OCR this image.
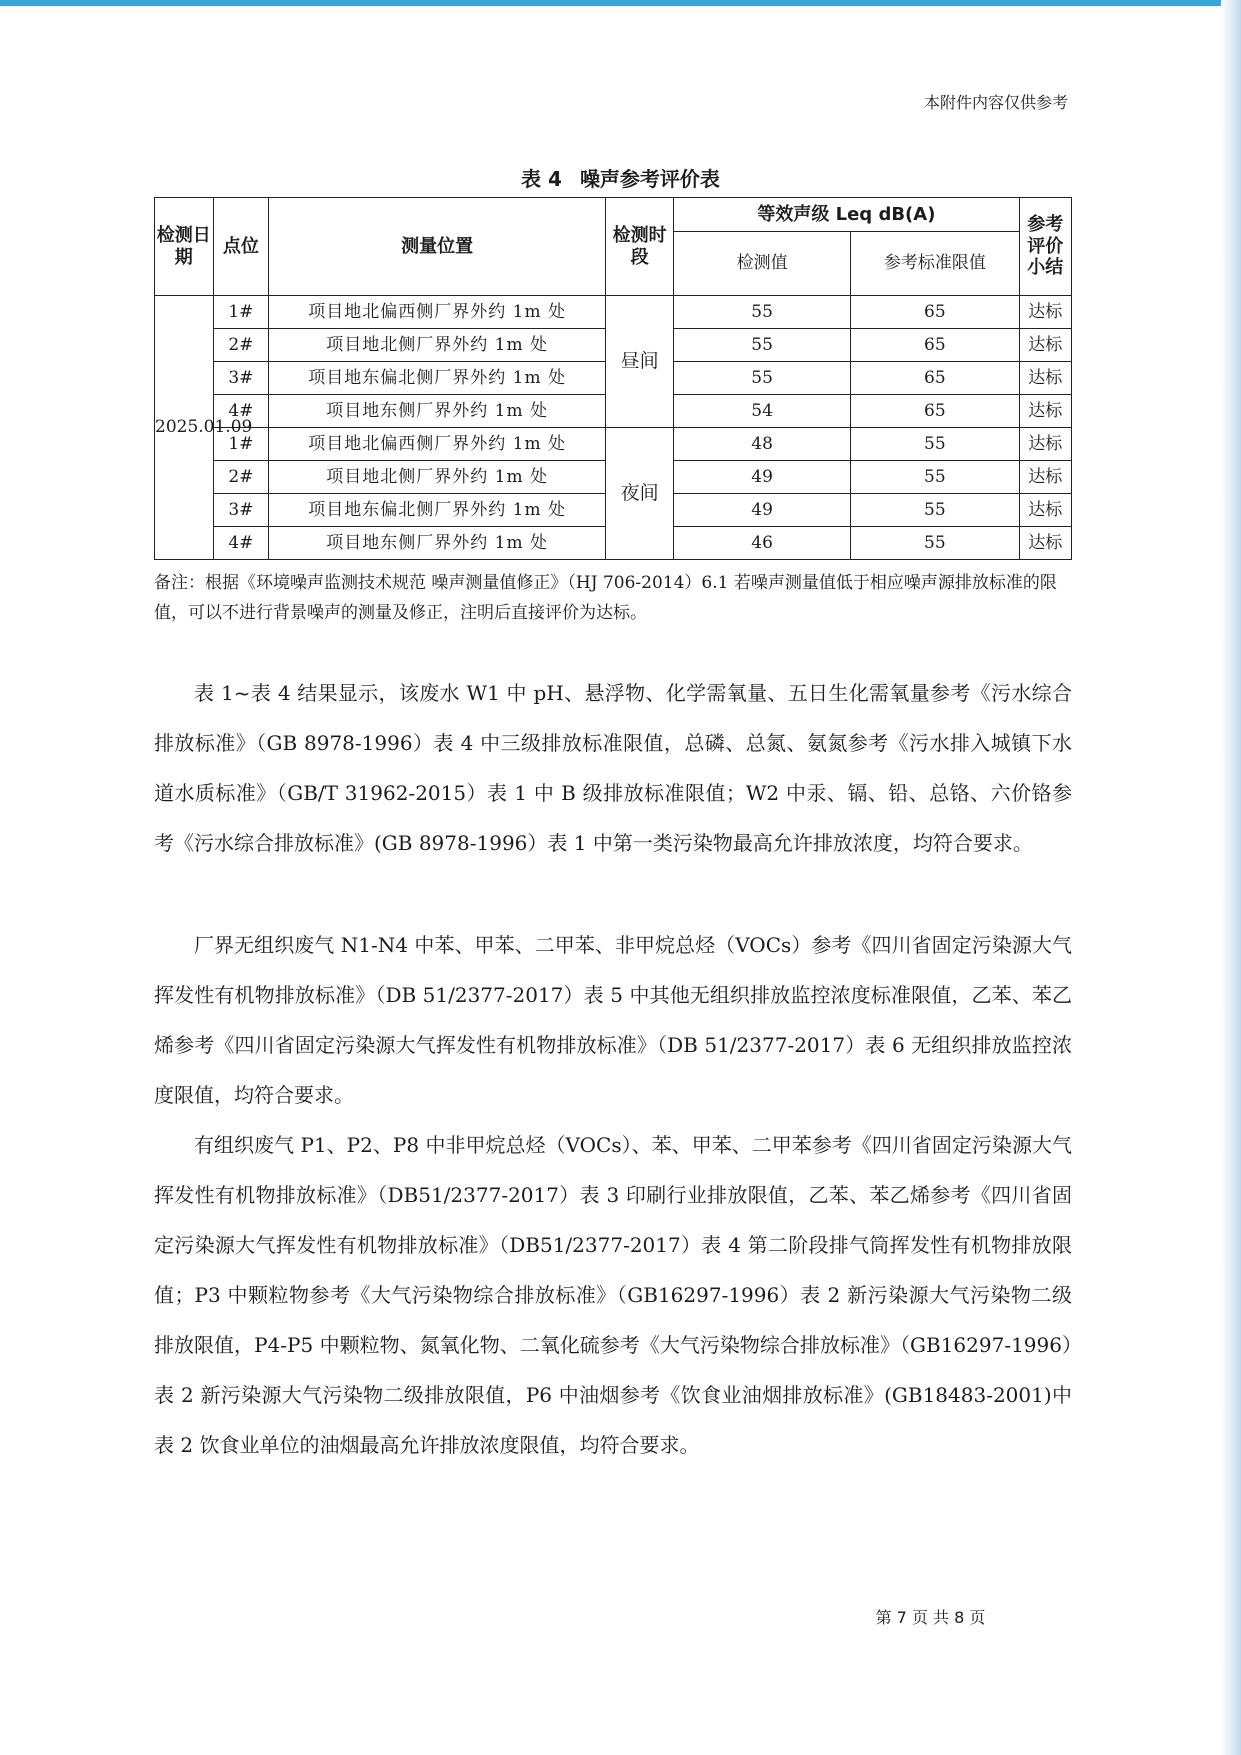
本附件内容仅供参考
表 4 噪声参考评价表
检测日期	点位	测量位置	检测时段	等效声级 Leq dB(A)		参考评价小结
				检测值	参考标准限值	
2025.01.09	1#	项目地北偏西侧厂界外约 1m 处	昼间	55	65	达标
	2#	项目地北侧厂界外约 1m 处		55	65	达标
	3#	项目地东偏北侧厂界外约 1m 处		55	65	达标
	4#	项目地东侧厂界外约 1m 处		54	65	达标
	1#	项目地北偏西侧厂界外约 1m 处	夜间	48	55	达标
	2#	项目地北侧厂界外约 1m 处		49	55	达标
	3#	项目地东偏北侧厂界外约 1m 处		49	55	达标
	4#	项目地东侧厂界外约 1m 处		46	55	达标
备注：根据《环境噪声监测技术规范 噪声测量值修正》（HJ 706-2014）6.1 若噪声测量值低于相应噪声源排放标准的限值，可以不进行背景噪声的测量及修正，注明后直接评价为达标。

表 1~表 4 结果显示，该废水 W1 中 pH、悬浮物、化学需氧量、五日生化需氧量参考《污水综合排放标准》（GB 8978-1996）表 4 中三级排放标准限值，总磷、总氮、氨氮参考《污水排入城镇下水道水质标准》（GB/T 31962-2015）表 1 中 B 级排放标准限值；W2 中汞、镉、铅、总铬、六价铬参考《污水综合排放标准》(GB 8978-1996）表 1 中第一类污染物最高允许排放浓度，均符合要求。

厂界无组织废气 N1-N4 中苯、甲苯、二甲苯、非甲烷总烃（VOCs）参考《四川省固定污染源大气挥发性有机物排放标准》（DB 51/2377-2017）表 5 中其他无组织排放监控浓度标准限值，乙苯、苯乙烯参考《四川省固定污染源大气挥发性有机物排放标准》（DB 51/2377-2017）表 6 无组织排放监控浓度限值，均符合要求。

有组织废气 P1、P2、P8 中非甲烷总烃（VOCs）、苯、甲苯、二甲苯参考《四川省固定污染源大气挥发性有机物排放标准》（DB51/2377-2017）表 3 印刷行业排放限值，乙苯、苯乙烯参考《四川省固定污染源大气挥发性有机物排放标准》（DB51/2377-2017）表 4 第二阶段排气筒挥发性有机物排放限值；P3 中颗粒物参考《大气污染物综合排放标准》（GB16297-1996）表 2 新污染源大气污染物二级排放限值，P4-P5 中颗粒物、氮氧化物、二氧化硫参考《大气污染物综合排放标准》（GB16297-1996）表 2 新污染源大气污染物二级排放限值，P6 中油烟参考《饮食业油烟排放标准》(GB18483-2001)中表 2 饮食业单位的油烟最高允许排放浓度限值，均符合要求。

第 7 页 共 8 页
